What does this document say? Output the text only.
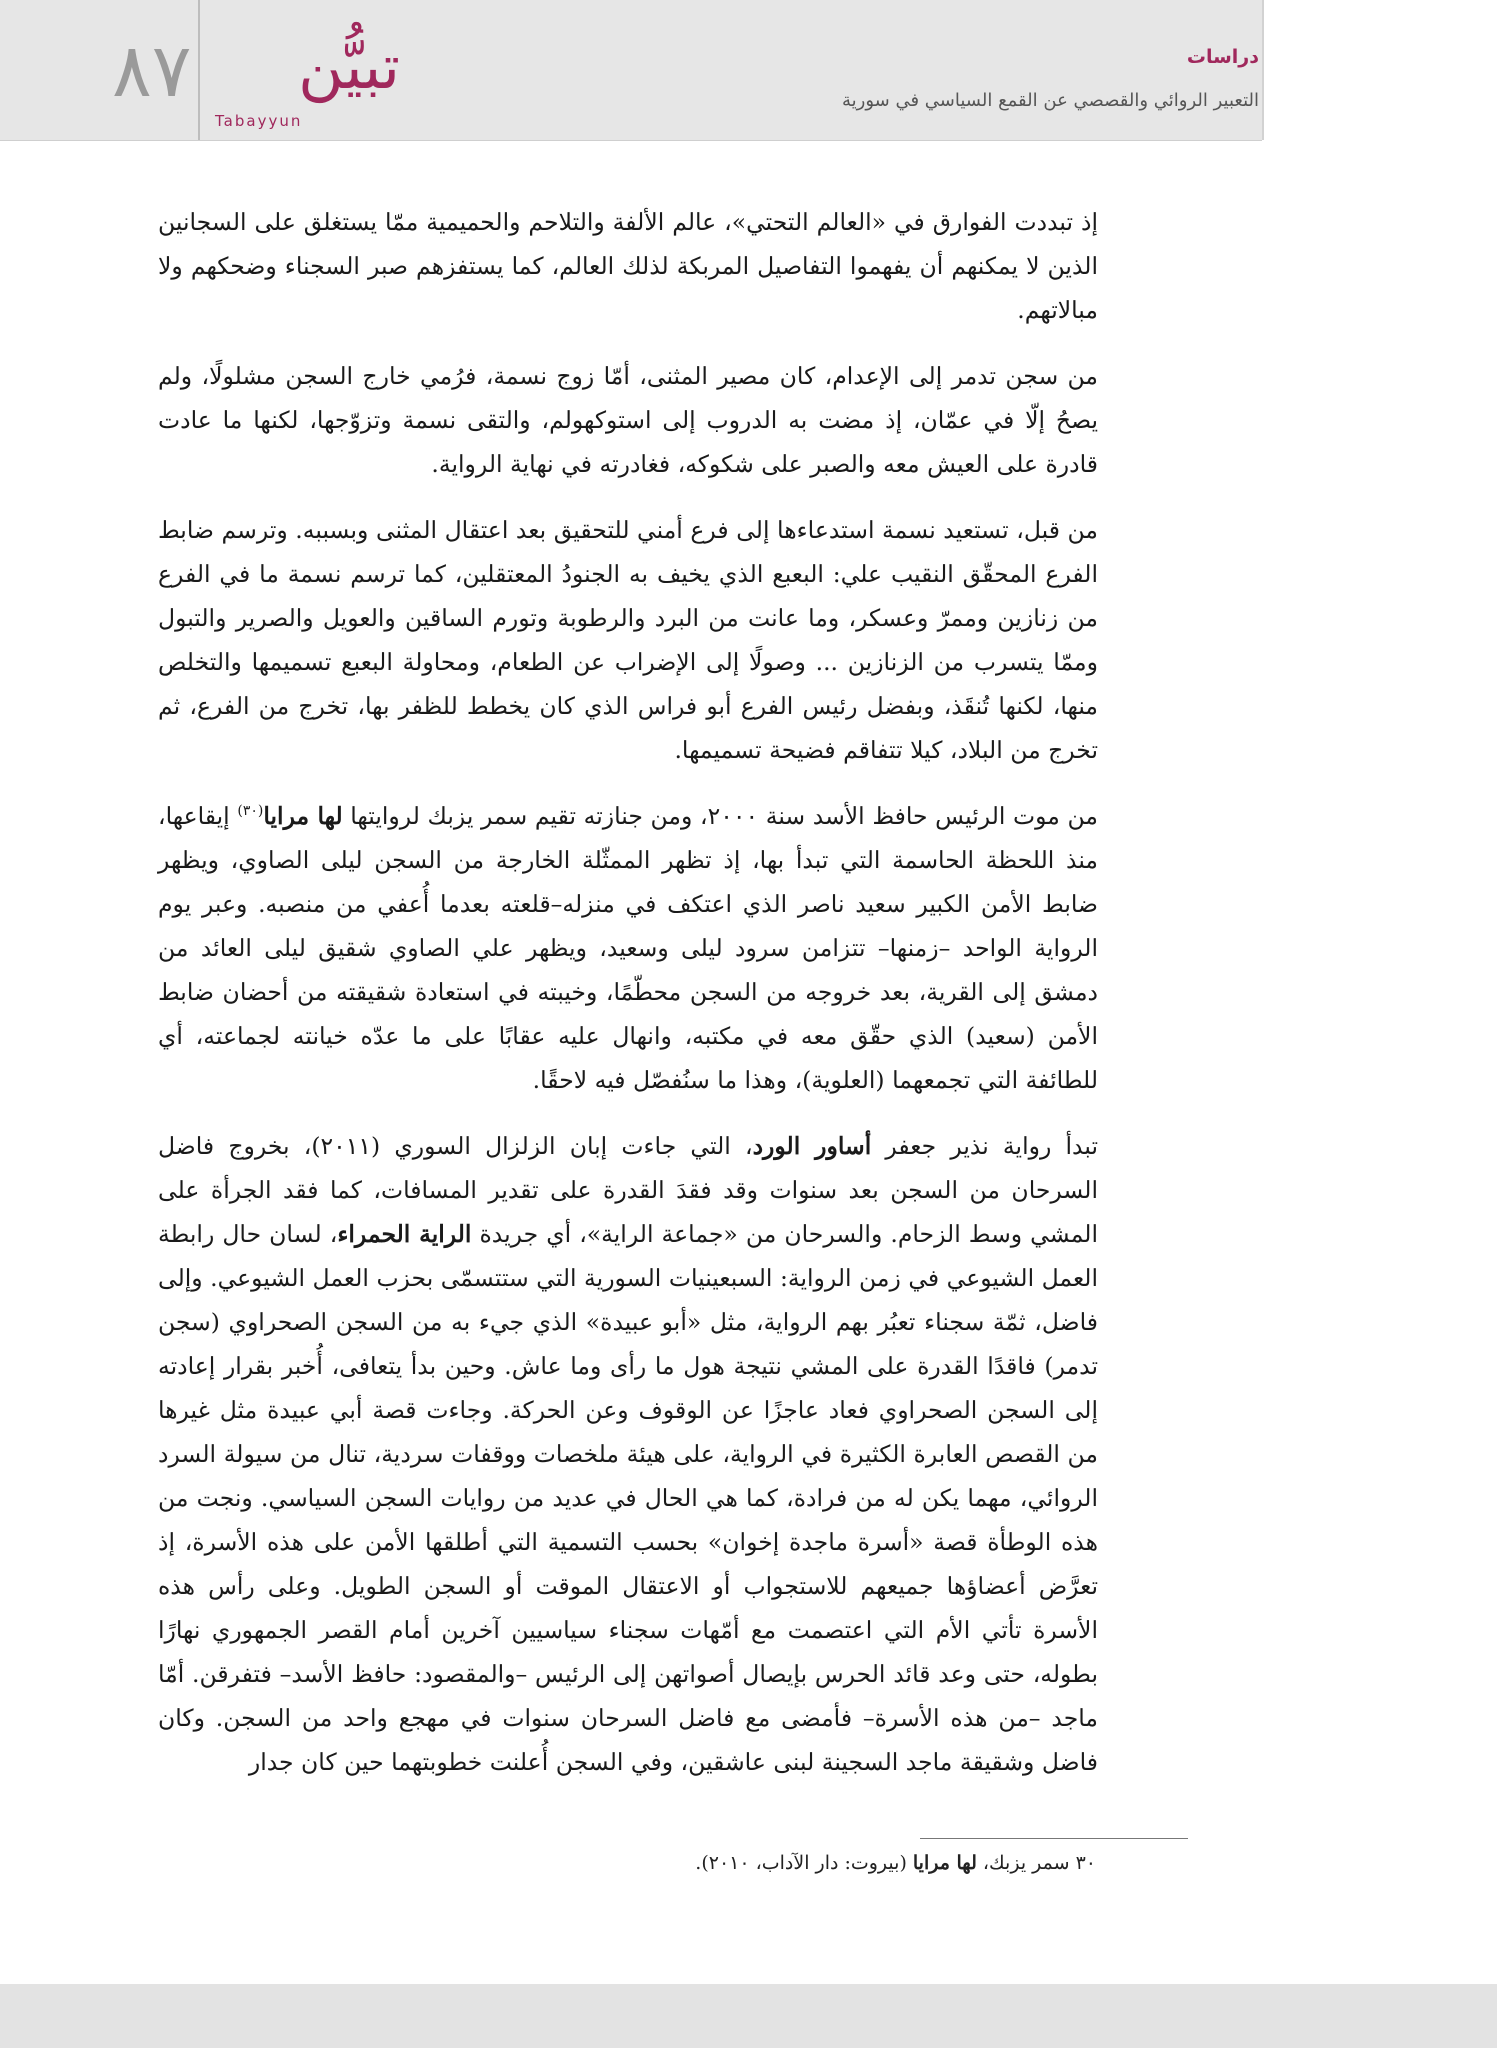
٨٧ تبيُّن
Tabayyun
دراسات
التعبير الروائي والقصصي عن القمع السياسي في سورية

إذ تبددت الفوارق في «العالم التحتي»، عالم الألفة والتلاحم والحميمية ممّا يستغلق على السجانين الذين لا يمكنهم أن يفهموا التفاصيل المربكة لذلك العالم، كما يستفزهم صبر السجناء وضحكهم ولا مبالاتهم.

من سجن تدمر إلى الإعدام، كان مصير المثنى، أمّا زوج نسمة، فرُمي خارج السجن مشلولًا، ولم يصحُ إلّا في عمّان، إذ مضت به الدروب إلى استوكهولم، والتقى نسمة وتزوّجها، لكنها ما عادت قادرة على العيش معه والصبر على شكوكه، فغادرته في نهاية الرواية.

من قبل، تستعيد نسمة استدعاءها إلى فرع أمني للتحقيق بعد اعتقال المثنى وبسببه. وترسم ضابط الفرع المحقّق النقيب علي: البعبع الذي يخيف به الجنودُ المعتقلين، كما ترسم نسمة ما في الفرع من زنازين وممرّ وعسكر، وما عانت من البرد والرطوبة وتورم الساقين والعويل والصرير والتبول وممّا يتسرب من الزنازين ... وصولًا إلى الإضراب عن الطعام، ومحاولة البعبع تسميمها والتخلص منها، لكنها تُنقَذ، وبفضل رئيس الفرع أبو فراس الذي كان يخطط للظفر بها، تخرج من الفرع، ثم تخرج من البلاد، كيلا تتفاقم فضيحة تسميمها.

من موت الرئيس حافظ الأسد سنة ٢٠٠٠، ومن جنازته تقيم سمر يزبك لروايتها لها مرايا$^{(٣٠)}$ إيقاعها، منذ اللحظة الحاسمة التي تبدأ بها، إذ تظهر الممثّلة الخارجة من السجن ليلى الصاوي، ويظهر ضابط الأمن الكبير سعيد ناصر الذي اعتكف في منزله–قلعته بعدما أُعفي من منصبه. وعبر يوم الرواية الواحد –زمنها– تتزامن سرود ليلى وسعيد، ويظهر علي الصاوي شقيق ليلى العائد من دمشق إلى القرية، بعد خروجه من السجن محطّمًا، وخيبته في استعادة شقيقته من أحضان ضابط الأمن (سعيد) الذي حقّق معه في مكتبه، وانهال عليه عقابًا على ما عدّه خيانته لجماعته، أي للطائفة التي تجمعهما (العلوية)، وهذا ما سنُفصّل فيه لاحقًا.

تبدأ رواية نذير جعفر أساور الورد، التي جاءت إبان الزلزال السوري (٢٠١١)، بخروج فاضل السرحان من السجن بعد سنوات وقد فقدَ القدرة على تقدير المسافات، كما فقد الجرأة على المشي وسط الزحام. والسرحان من «جماعة الراية»، أي جريدة الراية الحمراء، لسان حال رابطة العمل الشيوعي في زمن الرواية: السبعينيات السورية التي ستتسمّى بحزب العمل الشيوعي. وإلى فاضل، ثمّة سجناء تعبُر بهم الرواية، مثل «أبو عبيدة» الذي جيء به من السجن الصحراوي (سجن تدمر) فاقدًا القدرة على المشي نتيجة هول ما رأى وما عاش. وحين بدأ يتعافى، أُخبر بقرار إعادته إلى السجن الصحراوي فعاد عاجزًا عن الوقوف وعن الحركة. وجاءت قصة أبي عبيدة مثل غيرها من القصص العابرة الكثيرة في الرواية، على هيئة ملخصات ووقفات سردية، تنال من سيولة السرد الروائي، مهما يكن له من فرادة، كما هي الحال في عديد من روايات السجن السياسي. ونجت من هذه الوطأة قصة «أسرة ماجدة إخوان» بحسب التسمية التي أطلقها الأمن على هذه الأسرة، إذ تعرَّض أعضاؤها جميعهم للاستجواب أو الاعتقال الموقت أو السجن الطويل. وعلى رأس هذه الأسرة تأتي الأم التي اعتصمت مع أمّهات سجناء سياسيين آخرين أمام القصر الجمهوري نهارًا بطوله، حتى وعد قائد الحرس بإيصال أصواتهن إلى الرئيس –والمقصود: حافظ الأسد– فتفرقن. أمّا ماجد –من هذه الأسرة– فأمضى مع فاضل السرحان سنوات في مهجع واحد من السجن. وكان فاضل وشقيقة ماجد السجينة لبنى عاشقين، وفي السجن أُعلنت خطوبتهما حين كان جدار

٣٠ سمر يزبك، لها مرايا (بيروت: دار الآداب، ٢٠١٠).
